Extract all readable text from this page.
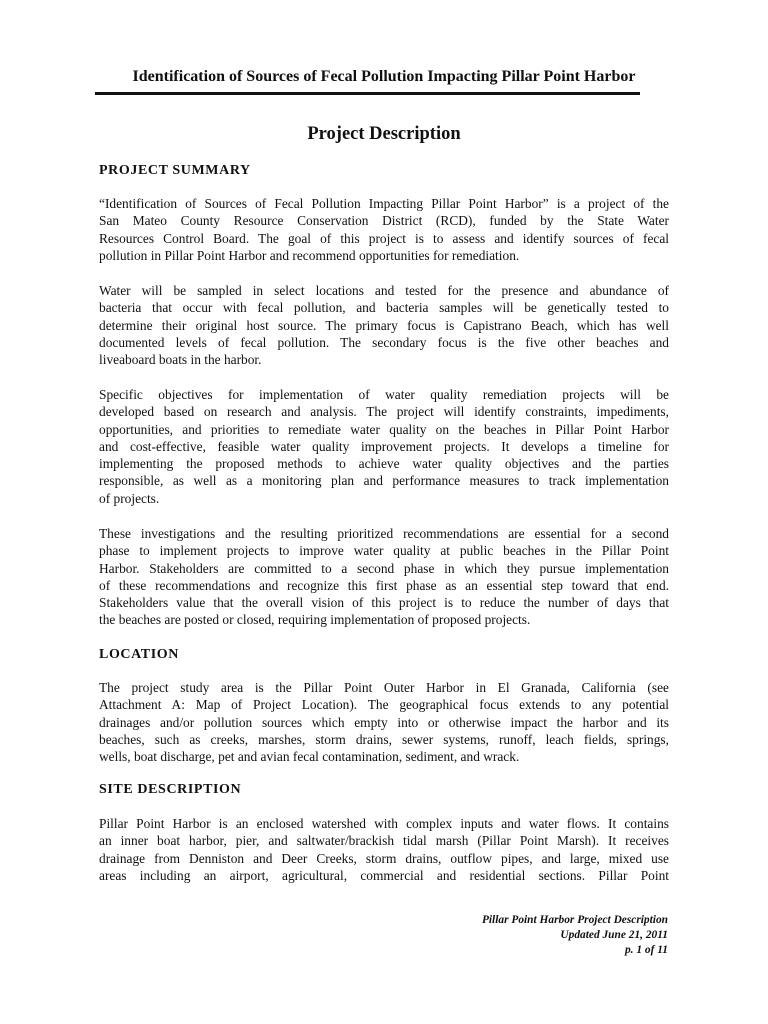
Identification of Sources of Fecal Pollution Impacting Pillar Point Harbor
Project Description
PROJECT SUMMARY

“Identification of Sources of Fecal Pollution Impacting Pillar Point Harbor” is a project of the
San Mateo County Resource Conservation District (RCD), funded by the State Water
Resources Control Board. The goal of this project is to assess and identify sources of fecal
pollution in Pillar Point Harbor and recommend opportunities for remediation.

Water will be sampled in select locations and tested for the presence and abundance of
bacteria that occur with fecal pollution, and bacteria samples will be genetically tested to
determine their original host source. The primary focus is Capistrano Beach, which has well
documented levels of fecal pollution. The secondary focus is the five other beaches and
liveaboard boats in the harbor.

Specific objectives for implementation of water quality remediation projects will be
developed based on research and analysis. The project will identify constraints, impediments,
opportunities, and priorities to remediate water quality on the beaches in Pillar Point Harbor
and cost-effective, feasible water quality improvement projects. It develops a timeline for
implementing the proposed methods to achieve water quality objectives and the parties
responsible, as well as a monitoring plan and performance measures to track implementation
of projects.

These investigations and the resulting prioritized recommendations are essential for a second
phase to implement projects to improve water quality at public beaches in the Pillar Point
Harbor. Stakeholders are committed to a second phase in which they pursue implementation
of these recommendations and recognize this first phase as an essential step toward that end.
Stakeholders value that the overall vision of this project is to reduce the number of days that
the beaches are posted or closed, requiring implementation of proposed projects.

LOCATION

The project study area is the Pillar Point Outer Harbor in El Granada, California (see
Attachment A: Map of Project Location). The geographical focus extends to any potential
drainages and/or pollution sources which empty into or otherwise impact the harbor and its
beaches, such as creeks, marshes, storm drains, sewer systems, runoff, leach fields, springs,
wells, boat discharge, pet and avian fecal contamination, sediment, and wrack.

SITE DESCRIPTION

Pillar Point Harbor is an enclosed watershed with complex inputs and water flows. It contains
an inner boat harbor, pier, and saltwater/brackish tidal marsh (Pillar Point Marsh). It receives
drainage from Denniston and Deer Creeks, storm drains, outflow pipes, and large, mixed use
areas including an airport, agricultural, commercial and residential sections. Pillar Point

Pillar Point Harbor Project Description
Updated June 21, 2011
p. 1 of 11
